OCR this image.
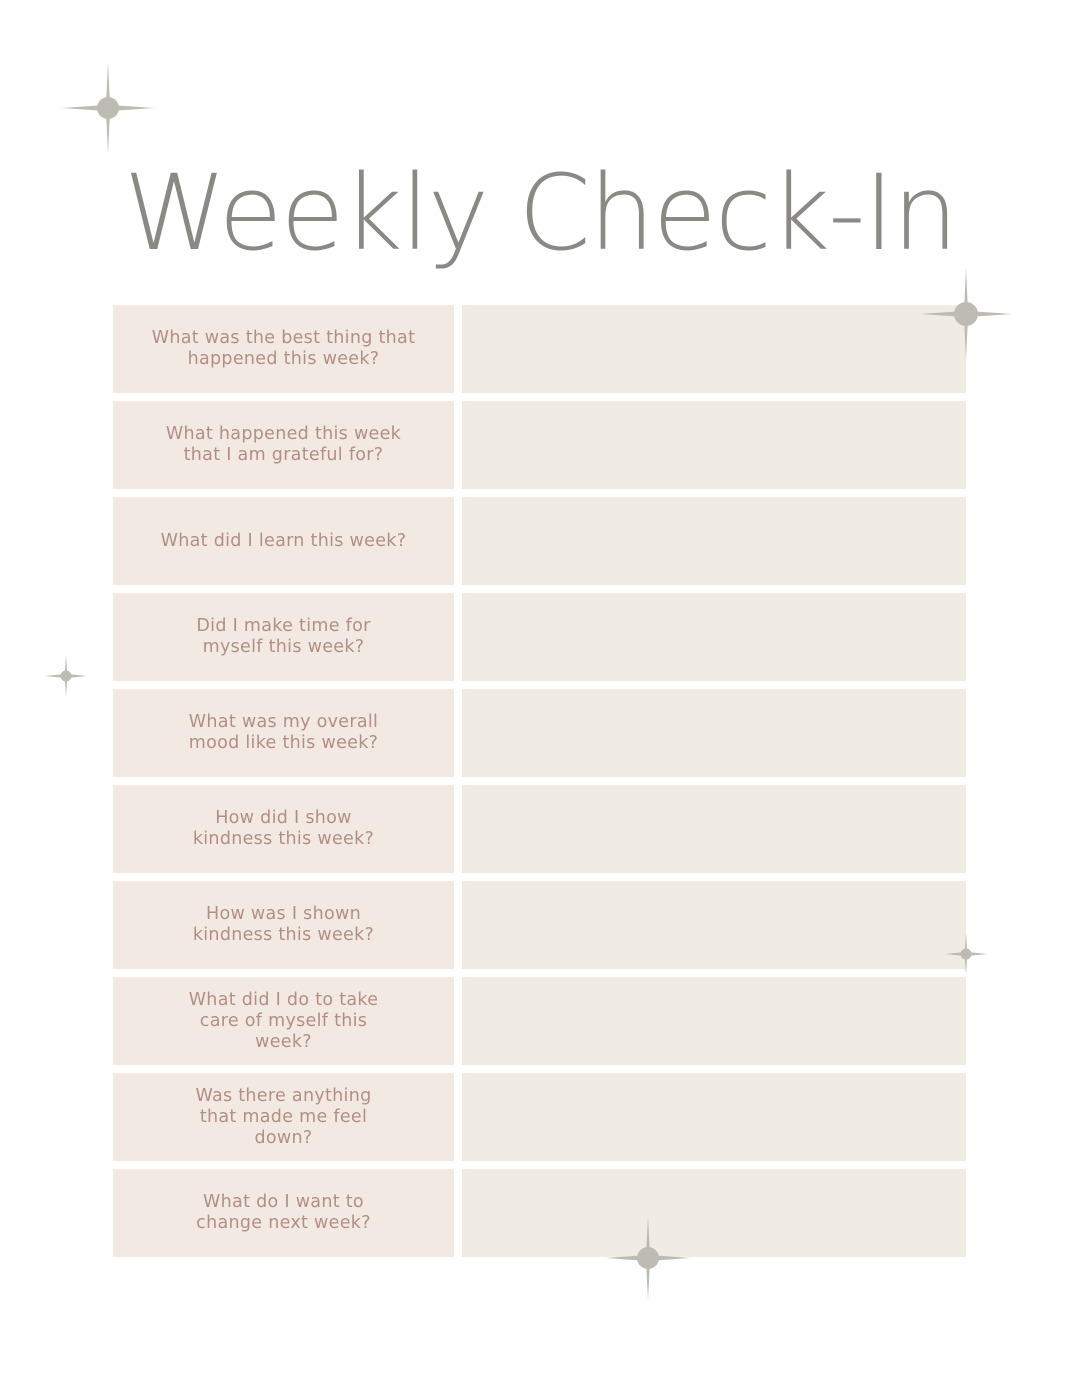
Weekly Check-In
What was the best thing that
happened this week?
What happened this week
that I am grateful for?
What did I learn this week?
Did I make time for
myself this week?
What was my overall
mood like this week?
How did I show
kindness this week?
How was I shown
kindness this week?
What did I do to take
care of myself this
week?
Was there anything
that made me feel
down?
What do I want to
change next week?
